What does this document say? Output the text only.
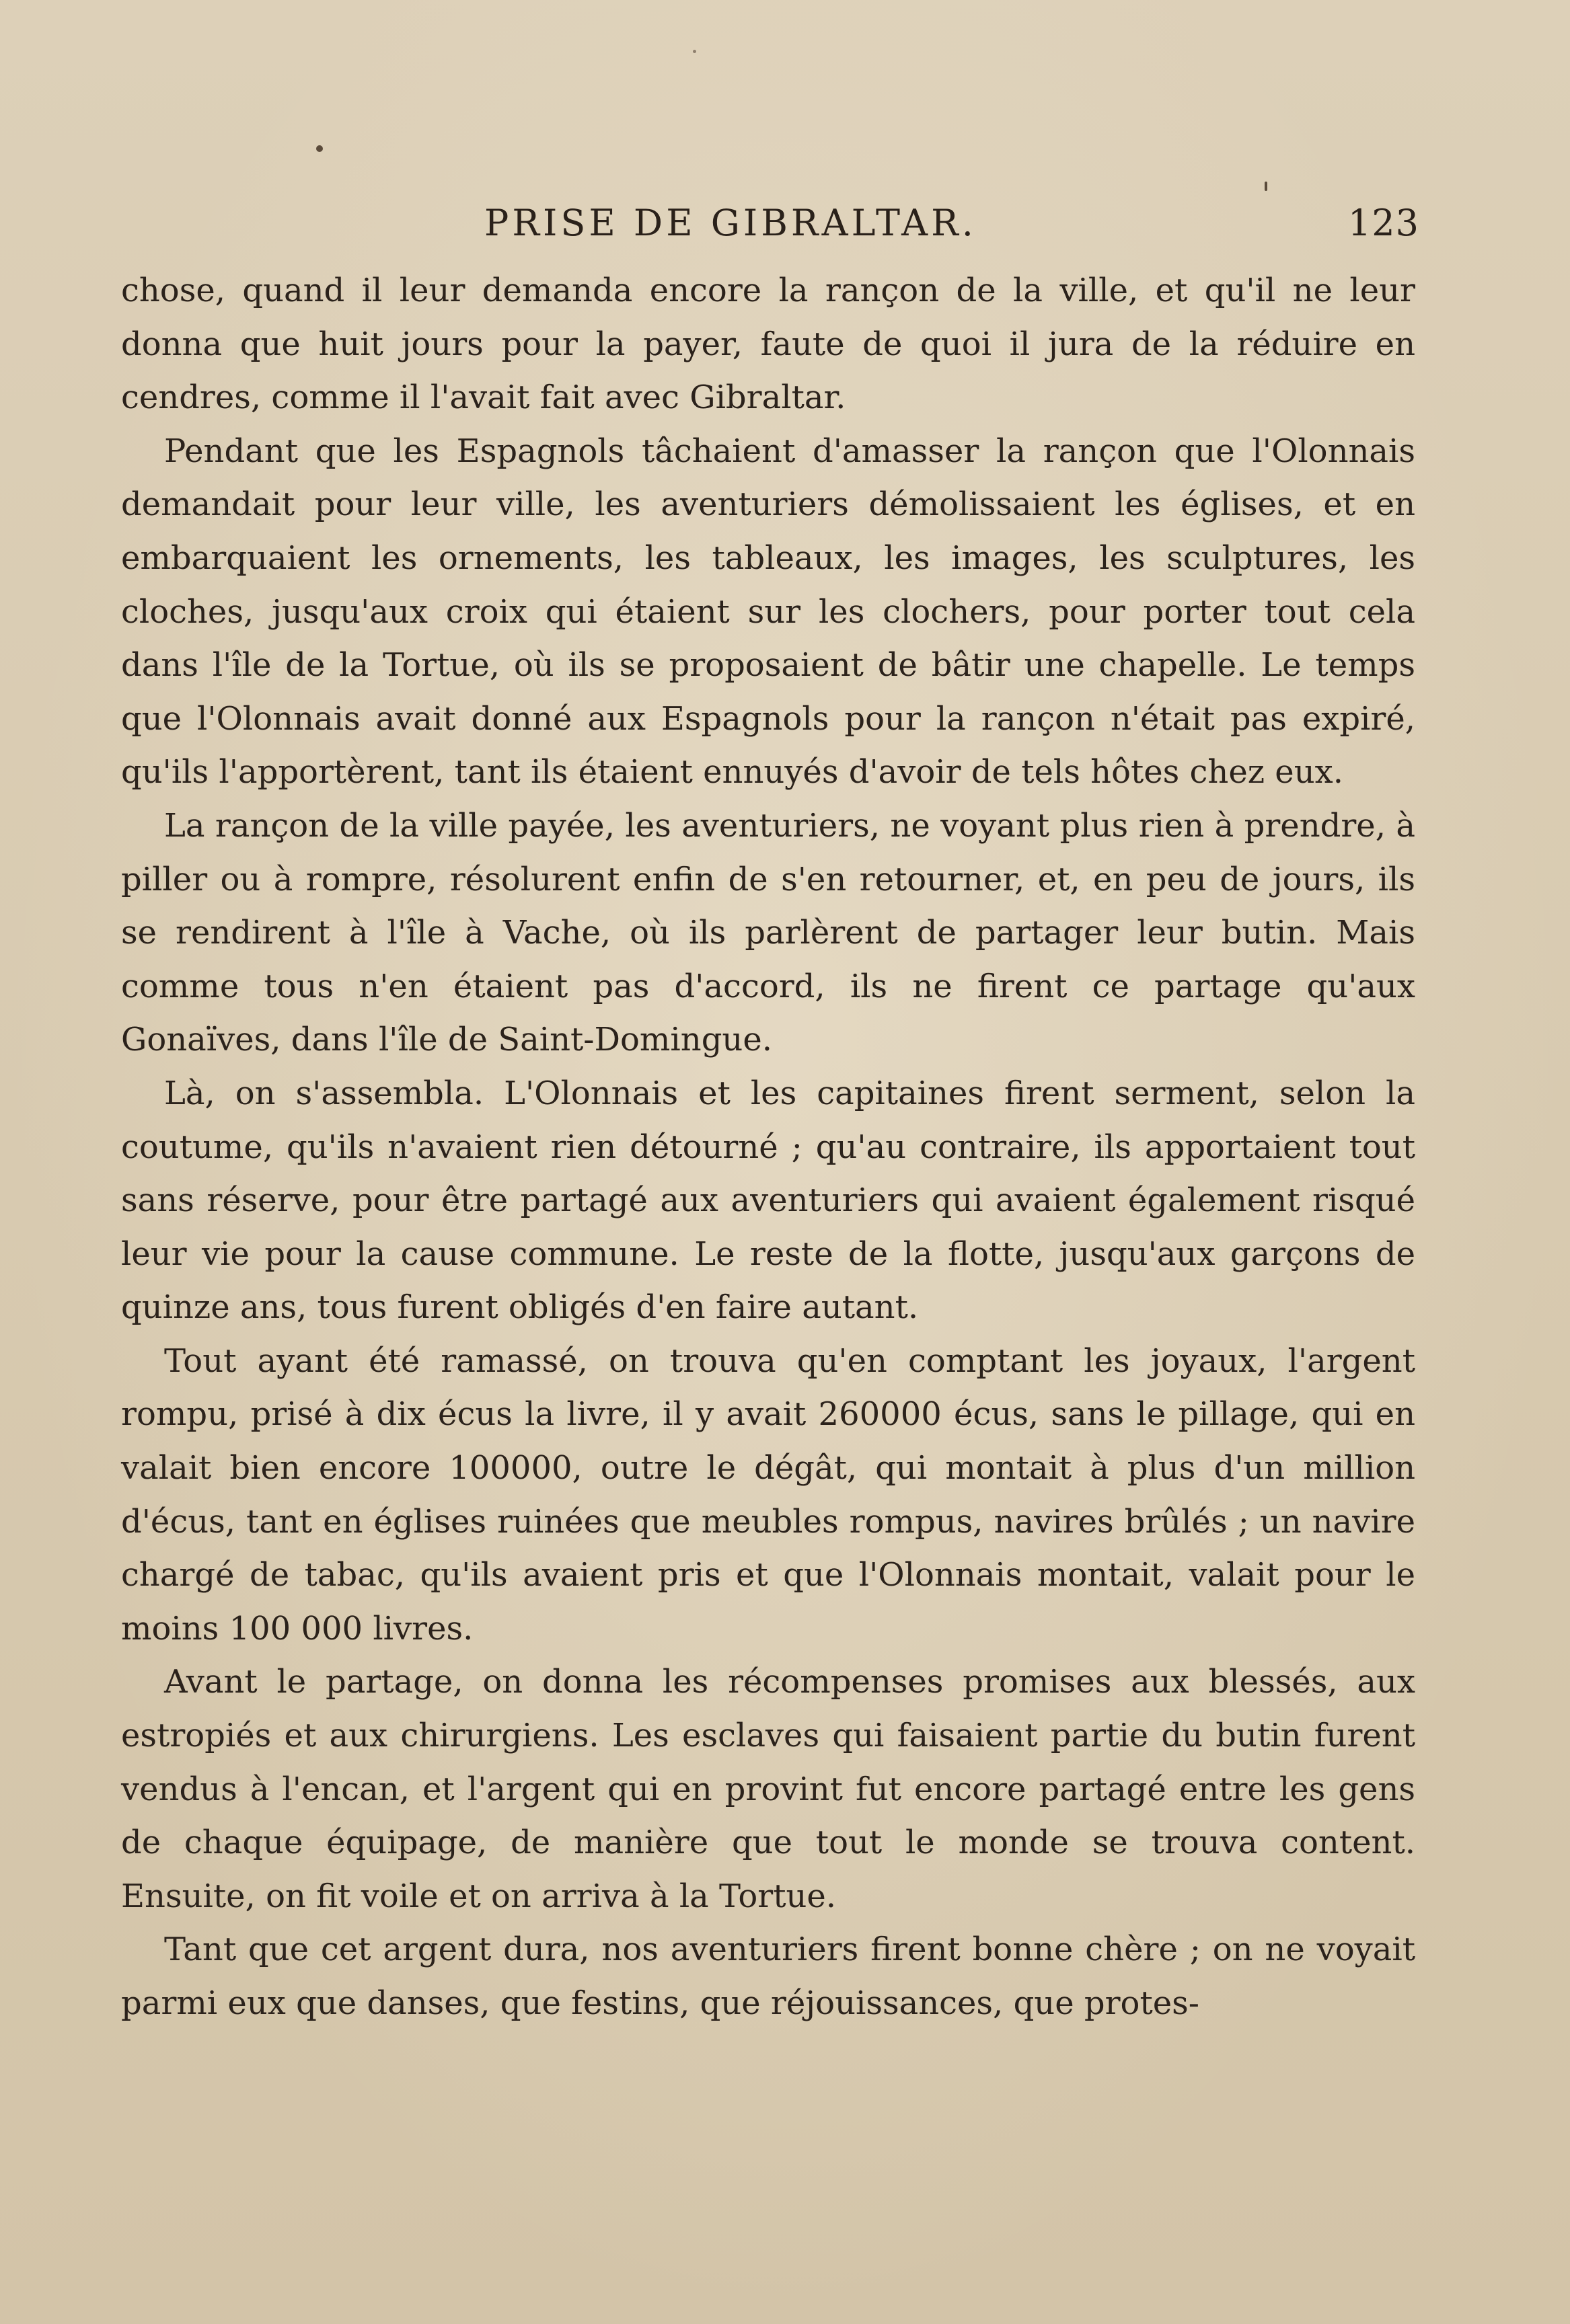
PRISE DE GIBRALTAR.	123

chose, quand il leur demanda encore la rançon de la ville, et qu'il ne leur donna que huit jours pour la payer, faute de quoi il jura de la réduire en cendres, comme il l'avait fait avec Gibraltar.

Pendant que les Espagnols tâchaient d'amasser la rançon que l'Olonnais demandait pour leur ville, les aventuriers démolissaient les églises, et en embarquaient les ornements, les tableaux, les images, les sculptures, les cloches, jusqu'aux croix qui étaient sur les clochers, pour porter tout cela dans l'île de la Tortue, où ils se proposaient de bâtir une chapelle. Le temps que l'Olonnais avait donné aux Espagnols pour la rançon n'était pas expiré, qu'ils l'apportèrent, tant ils étaient ennuyés d'avoir de tels hôtes chez eux.

La rançon de la ville payée, les aventuriers, ne voyant plus rien à prendre, à piller ou à rompre, résolurent enfin de s'en retourner, et, en peu de jours, ils se rendirent à l'île à Vache, où ils parlèrent de partager leur butin. Mais comme tous n'en étaient pas d'accord, ils ne firent ce partage qu'aux Gonaïves, dans l'île de Saint-Domingue.

Là, on s'assembla. L'Olonnais et les capitaines firent serment, selon la coutume, qu'ils n'avaient rien détourné ; qu'au contraire, ils apportaient tout sans réserve, pour être partagé aux aventuriers qui avaient également risqué leur vie pour la cause commune. Le reste de la flotte, jusqu'aux garçons de quinze ans, tous furent obligés d'en faire autant.

Tout ayant été ramassé, on trouva qu'en comptant les joyaux, l'argent rompu, prisé à dix écus la livre, il y avait 260000 écus, sans le pillage, qui en valait bien encore 100000, outre le dégât, qui montait à plus d'un million d'écus, tant en églises ruinées que meubles rompus, navires brûlés ; un navire chargé de tabac, qu'ils avaient pris et que l'Olonnais montait, valait pour le moins 100 000 livres.

Avant le partage, on donna les récompenses promises aux blessés, aux estropiés et aux chirurgiens. Les esclaves qui faisaient partie du butin furent vendus à l'encan, et l'argent qui en provint fut encore partagé entre les gens de chaque équipage, de manière que tout le monde se trouva content. Ensuite, on fit voile et on arriva à la Tortue.

Tant que cet argent dura, nos aventuriers firent bonne chère ; on ne voyait parmi eux que danses, que festins, que réjouissances, que protes-
